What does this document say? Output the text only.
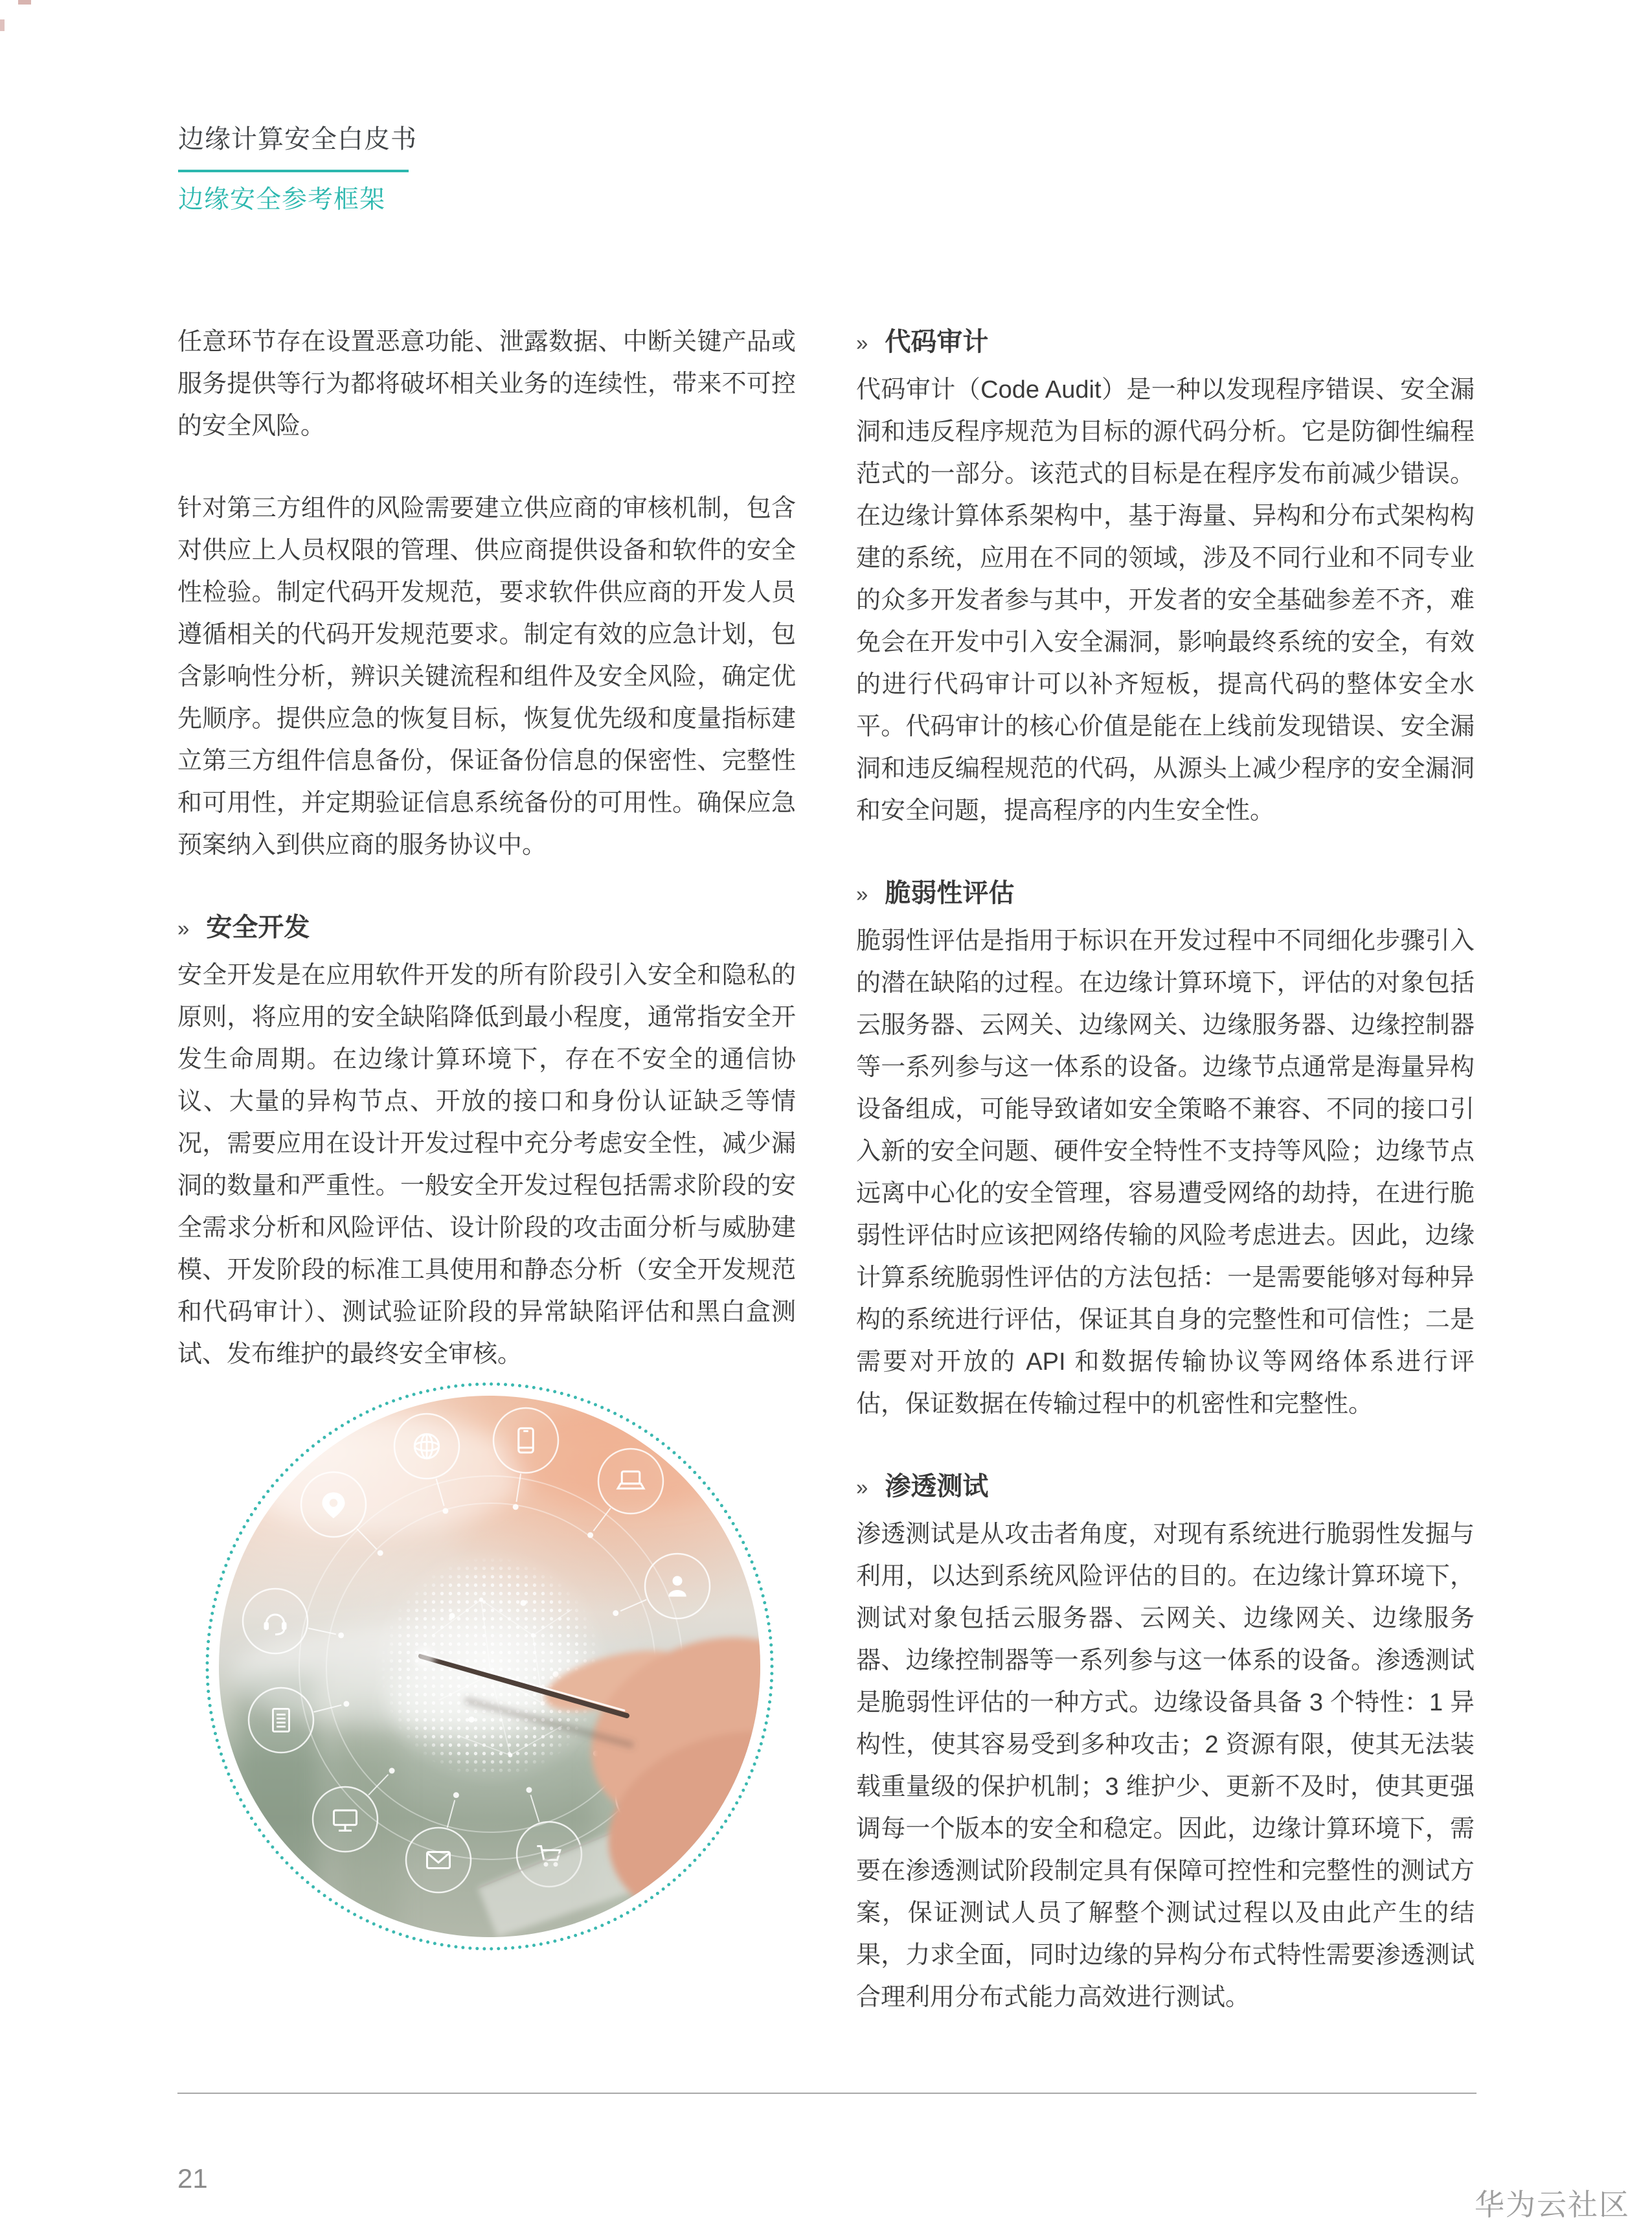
边缘计算安全白皮书
边缘安全参考框架

任意环节存在设置恶意功能、泄露数据、中断关键产品或服务提供等行为都将破坏相关业务的连续性，带来不可控的安全风险。

针对第三方组件的风险需要建立供应商的审核机制，包含对供应上人员权限的管理、供应商提供设备和软件的安全性检验。制定代码开发规范，要求软件供应商的开发人员遵循相关的代码开发规范要求。制定有效的应急计划，包含影响性分析，辨识关键流程和组件及安全风险，确定优先顺序。提供应急的恢复目标，恢复优先级和度量指标建立第三方组件信息备份，保证备份信息的保密性、完整性和可用性，并定期验证信息系统备份的可用性。确保应急预案纳入到供应商的服务协议中。

» 安全开发

安全开发是在应用软件开发的所有阶段引入安全和隐私的原则，将应用的安全缺陷降低到最小程度，通常指安全开发生命周期。在边缘计算环境下，存在不安全的通信协议、大量的异构节点、开放的接口和身份认证缺乏等情况，需要应用在设计开发过程中充分考虑安全性，减少漏洞的数量和严重性。一般安全开发过程包括需求阶段的安全需求分析和风险评估、设计阶段的攻击面分析与威胁建模、开发阶段的标准工具使用和静态分析（安全开发规范和代码审计）、测试验证阶段的异常缺陷评估和黑白盒测试、发布维护的最终安全审核。

» 代码审计

代码审计（Code Audit）是一种以发现程序错误、安全漏洞和违反程序规范为目标的源代码分析。它是防御性编程范式的一部分。该范式的目标是在程序发布前减少错误。在边缘计算体系架构中，基于海量、异构和分布式架构构建的系统，应用在不同的领域，涉及不同行业和不同专业的众多开发者参与其中，开发者的安全基础参差不齐，难免会在开发中引入安全漏洞，影响最终系统的安全，有效的进行代码审计可以补齐短板，提高代码的整体安全水平。代码审计的核心价值是能在上线前发现错误、安全漏洞和违反编程规范的代码，从源头上减少程序的安全漏洞和安全问题，提高程序的内生安全性。

» 脆弱性评估

脆弱性评估是指用于标识在开发过程中不同细化步骤引入的潜在缺陷的过程。在边缘计算环境下，评估的对象包括云服务器、云网关、边缘网关、边缘服务器、边缘控制器等一系列参与这一体系的设备。边缘节点通常是海量异构设备组成，可能导致诸如安全策略不兼容、不同的接口引入新的安全问题、硬件安全特性不支持等风险；边缘节点远离中心化的安全管理，容易遭受网络的劫持，在进行脆弱性评估时应该把网络传输的风险考虑进去。因此，边缘计算系统脆弱性评估的方法包括：一是需要能够对每种异构的系统进行评估，保证其自身的完整性和可信性；二是需要对开放的 API 和数据传输协议等网络体系进行评估，保证数据在传输过程中的机密性和完整性。

» 渗透测试

渗透测试是从攻击者角度，对现有系统进行脆弱性发掘与利用，以达到系统风险评估的目的。在边缘计算环境下，测试对象包括云服务器、云网关、边缘网关、边缘服务器、边缘控制器等一系列参与这一体系的设备。渗透测试是脆弱性评估的一种方式。边缘设备具备 3 个特性：1 异构性，使其容易受到多种攻击；2 资源有限，使其无法装载重量级的保护机制；3 维护少、更新不及时，使其更强调每一个版本的安全和稳定。因此，边缘计算环境下，需要在渗透测试阶段制定具有保障可控性和完整性的测试方案，保证测试人员了解整个测试过程以及由此产生的结果，力求全面，同时边缘的异构分布式特性需要渗透测试合理利用分布式能力高效进行测试。

21
华为云社区
